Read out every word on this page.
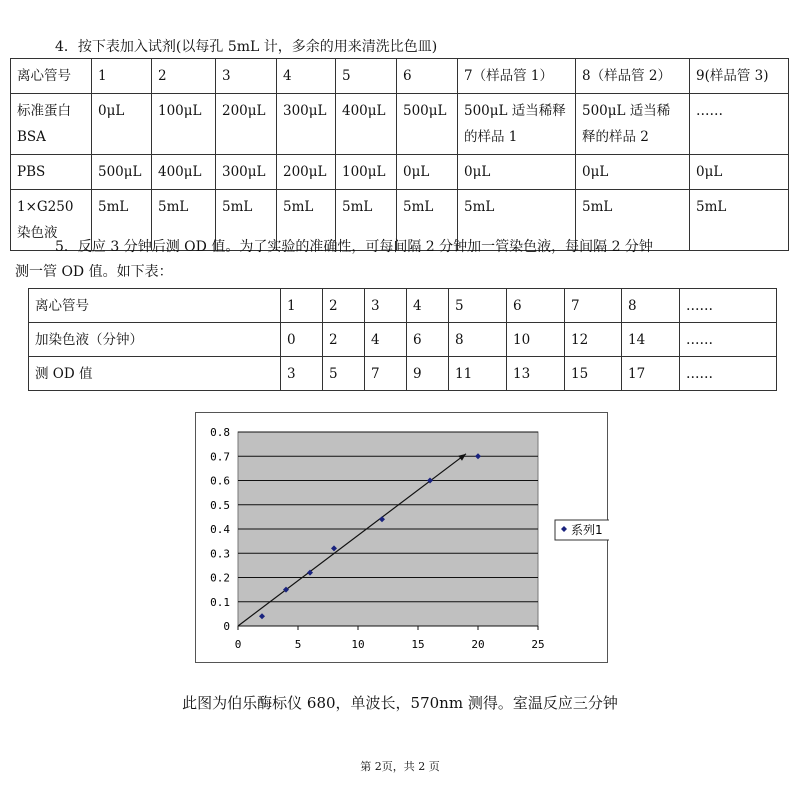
4．按下表加入试剂(以每孔 5mL 计，多余的用来清洗比色皿)
离心管号	1	2	3	4	5	6	7（样品管 1）	8（样品管 2）	9(样品管 3)
标准蛋白BSA	0μL	100μL	200μL	300μL	400μL	500μL	500μL 适当稀释的样品 1	500μL 适当稀释的样品 2	……
PBS	500μL	400μL	300μL	200μL	100μL	0μL	0μL	0μL	0μL
1×G250染色液	5mL	5mL	5mL	5mL	5mL	5mL	5mL	5mL	5mL
5．反应 3 分钟后测 OD 值。为了实验的准确性，可每间隔 2 分钟加一管染色液，每间隔 2 分钟
测一管 OD 值。如下表：
离心管号	1	2	3	4	5	6	7	8	……
加染色液（分钟）	0	2	4	6	8	10	12	14	……
测 OD 值	3	5	7	9	11	13	15	17	……
0
0.1
0.2
0.3
0.4
0.5
0.6
0.7
0.8
0	5	10	15	20	25
系列1
此图为伯乐酶标仪 680，单波长，570nm 测得。室温反应三分钟
第 2页，共 2 页
